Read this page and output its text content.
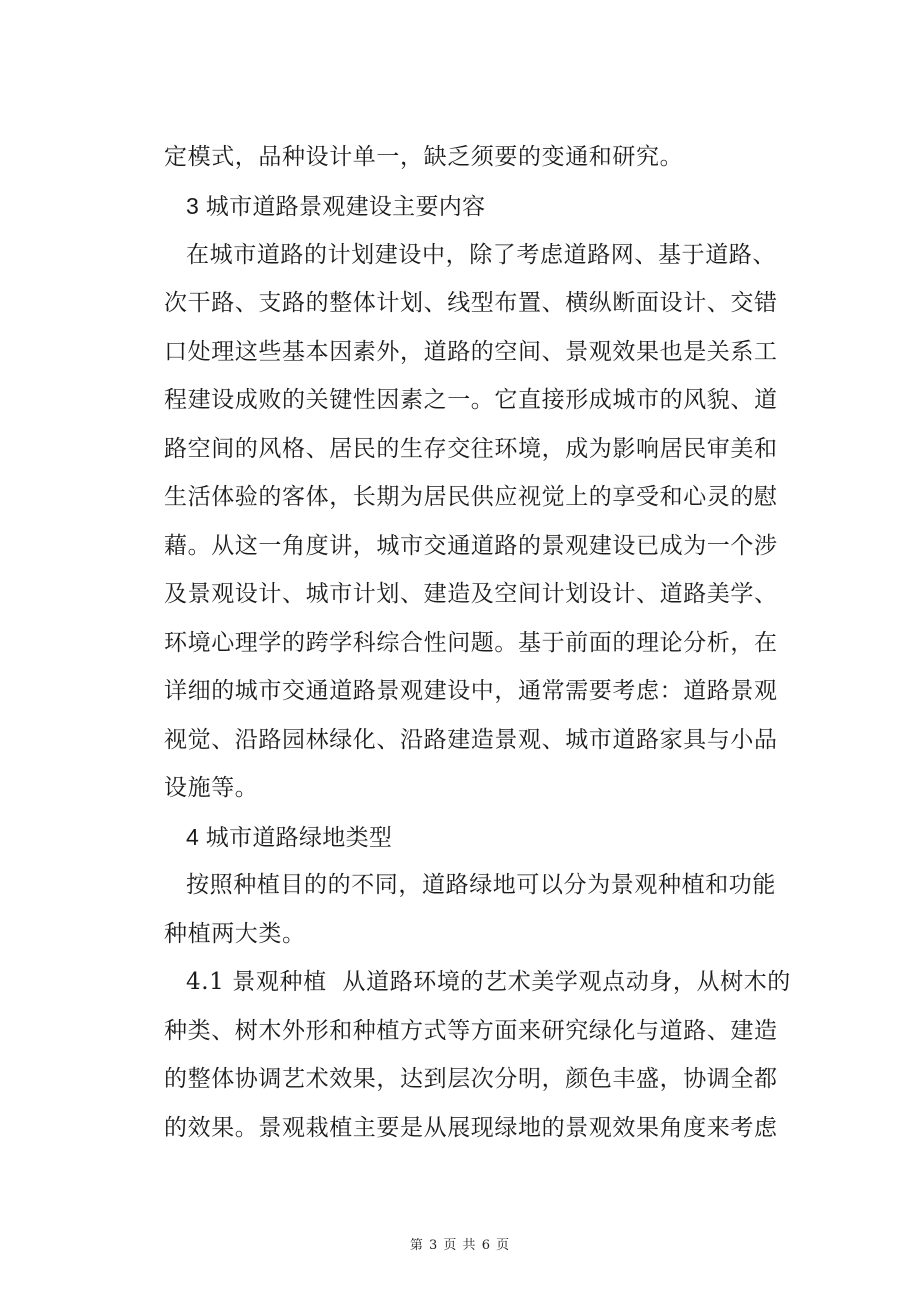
定模式，品种设计单一，缺乏须要的变通和研究。
3 城市道路景观建设主要内容
在城市道路的计划建设中，除了考虑道路网、基于道路、
次干路、支路的整体计划、线型布置、横纵断面设计、交错
口处理这些基本因素外，道路的空间、景观效果也是关系工
程建设成败的关键性因素之一。它直接形成城市的风貌、道
路空间的风格、居民的生存交往环境，成为影响居民审美和
生活体验的客体，长期为居民供应视觉上的享受和心灵的慰
藉。从这一角度讲，城市交通道路的景观建设已成为一个涉
及景观设计、城市计划、建造及空间计划设计、道路美学、
环境心理学的跨学科综合性问题。基于前面的理论分析，在
详细的城市交通道路景观建设中，通常需要考虑：道路景观
视觉、沿路园林绿化、沿路建造景观、城市道路家具与小品
设施等。
4 城市道路绿地类型
按照种植目的的不同，道路绿地可以分为景观种植和功能
种植两大类。
4.1 景观种植  从道路环境的艺术美学观点动身，从树木的
种类、树木外形和种植方式等方面来研究绿化与道路、建造
的整体协调艺术效果，达到层次分明，颜色丰盛，协调全都
的效果。景观栽植主要是从展现绿地的景观效果角度来考虑
第 3 页 共 6 页
